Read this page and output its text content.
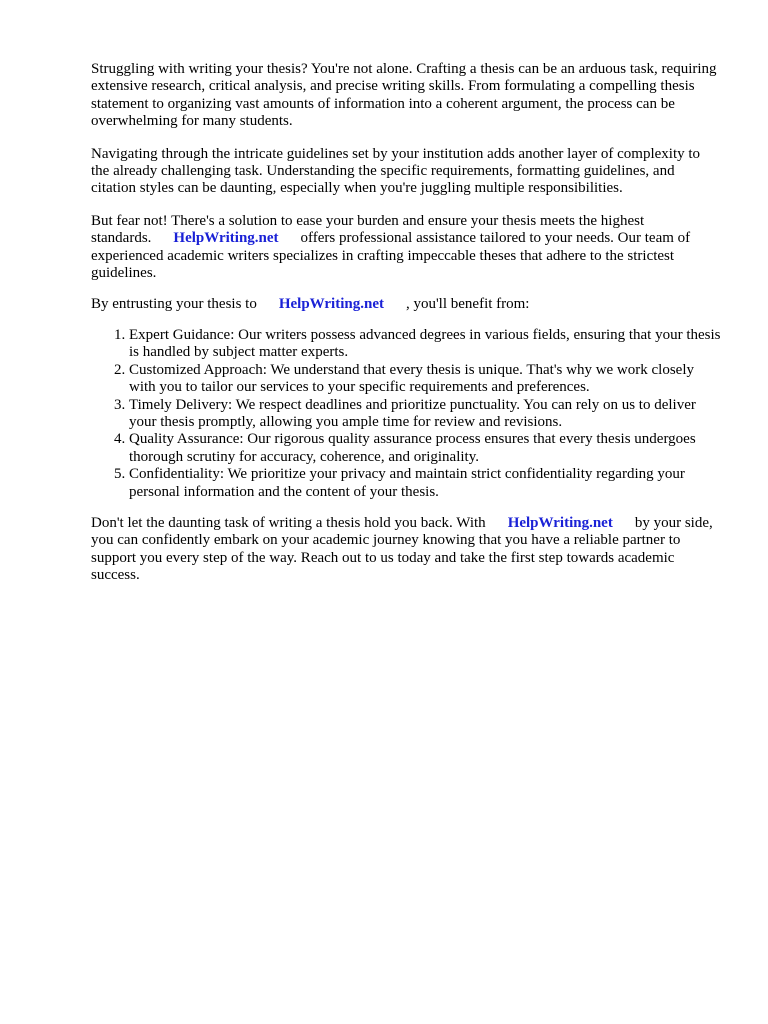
Struggling with writing your thesis? You're not alone. Crafting a thesis can be an arduous task, requiring extensive research, critical analysis, and precise writing skills. From formulating a compelling thesis statement to organizing vast amounts of information into a coherent argument, the process can be overwhelming for many students.

Navigating through the intricate guidelines set by your institution adds another layer of complexity to the already challenging task. Understanding the specific requirements, formatting guidelines, and citation styles can be daunting, especially when you're juggling multiple responsibilities.

But fear not! There's a solution to ease your burden and ensure your thesis meets the highest standards. HelpWriting.net offers professional assistance tailored to your needs. Our team of experienced academic writers specializes in crafting impeccable theses that adhere to the strictest guidelines.

By entrusting your thesis to HelpWriting.net , you'll benefit from:

1. Expert Guidance: Our writers possess advanced degrees in various fields, ensuring that your thesis is handled by subject matter experts.
2. Customized Approach: We understand that every thesis is unique. That's why we work closely with you to tailor our services to your specific requirements and preferences.
3. Timely Delivery: We respect deadlines and prioritize punctuality. You can rely on us to deliver your thesis promptly, allowing you ample time for review and revisions.
4. Quality Assurance: Our rigorous quality assurance process ensures that every thesis undergoes thorough scrutiny for accuracy, coherence, and originality.
5. Confidentiality: We prioritize your privacy and maintain strict confidentiality regarding your personal information and the content of your thesis.

Don't let the daunting task of writing a thesis hold you back. With HelpWriting.net by your side, you can confidently embark on your academic journey knowing that you have a reliable partner to support you every step of the way. Reach out to us today and take the first step towards academic success.
